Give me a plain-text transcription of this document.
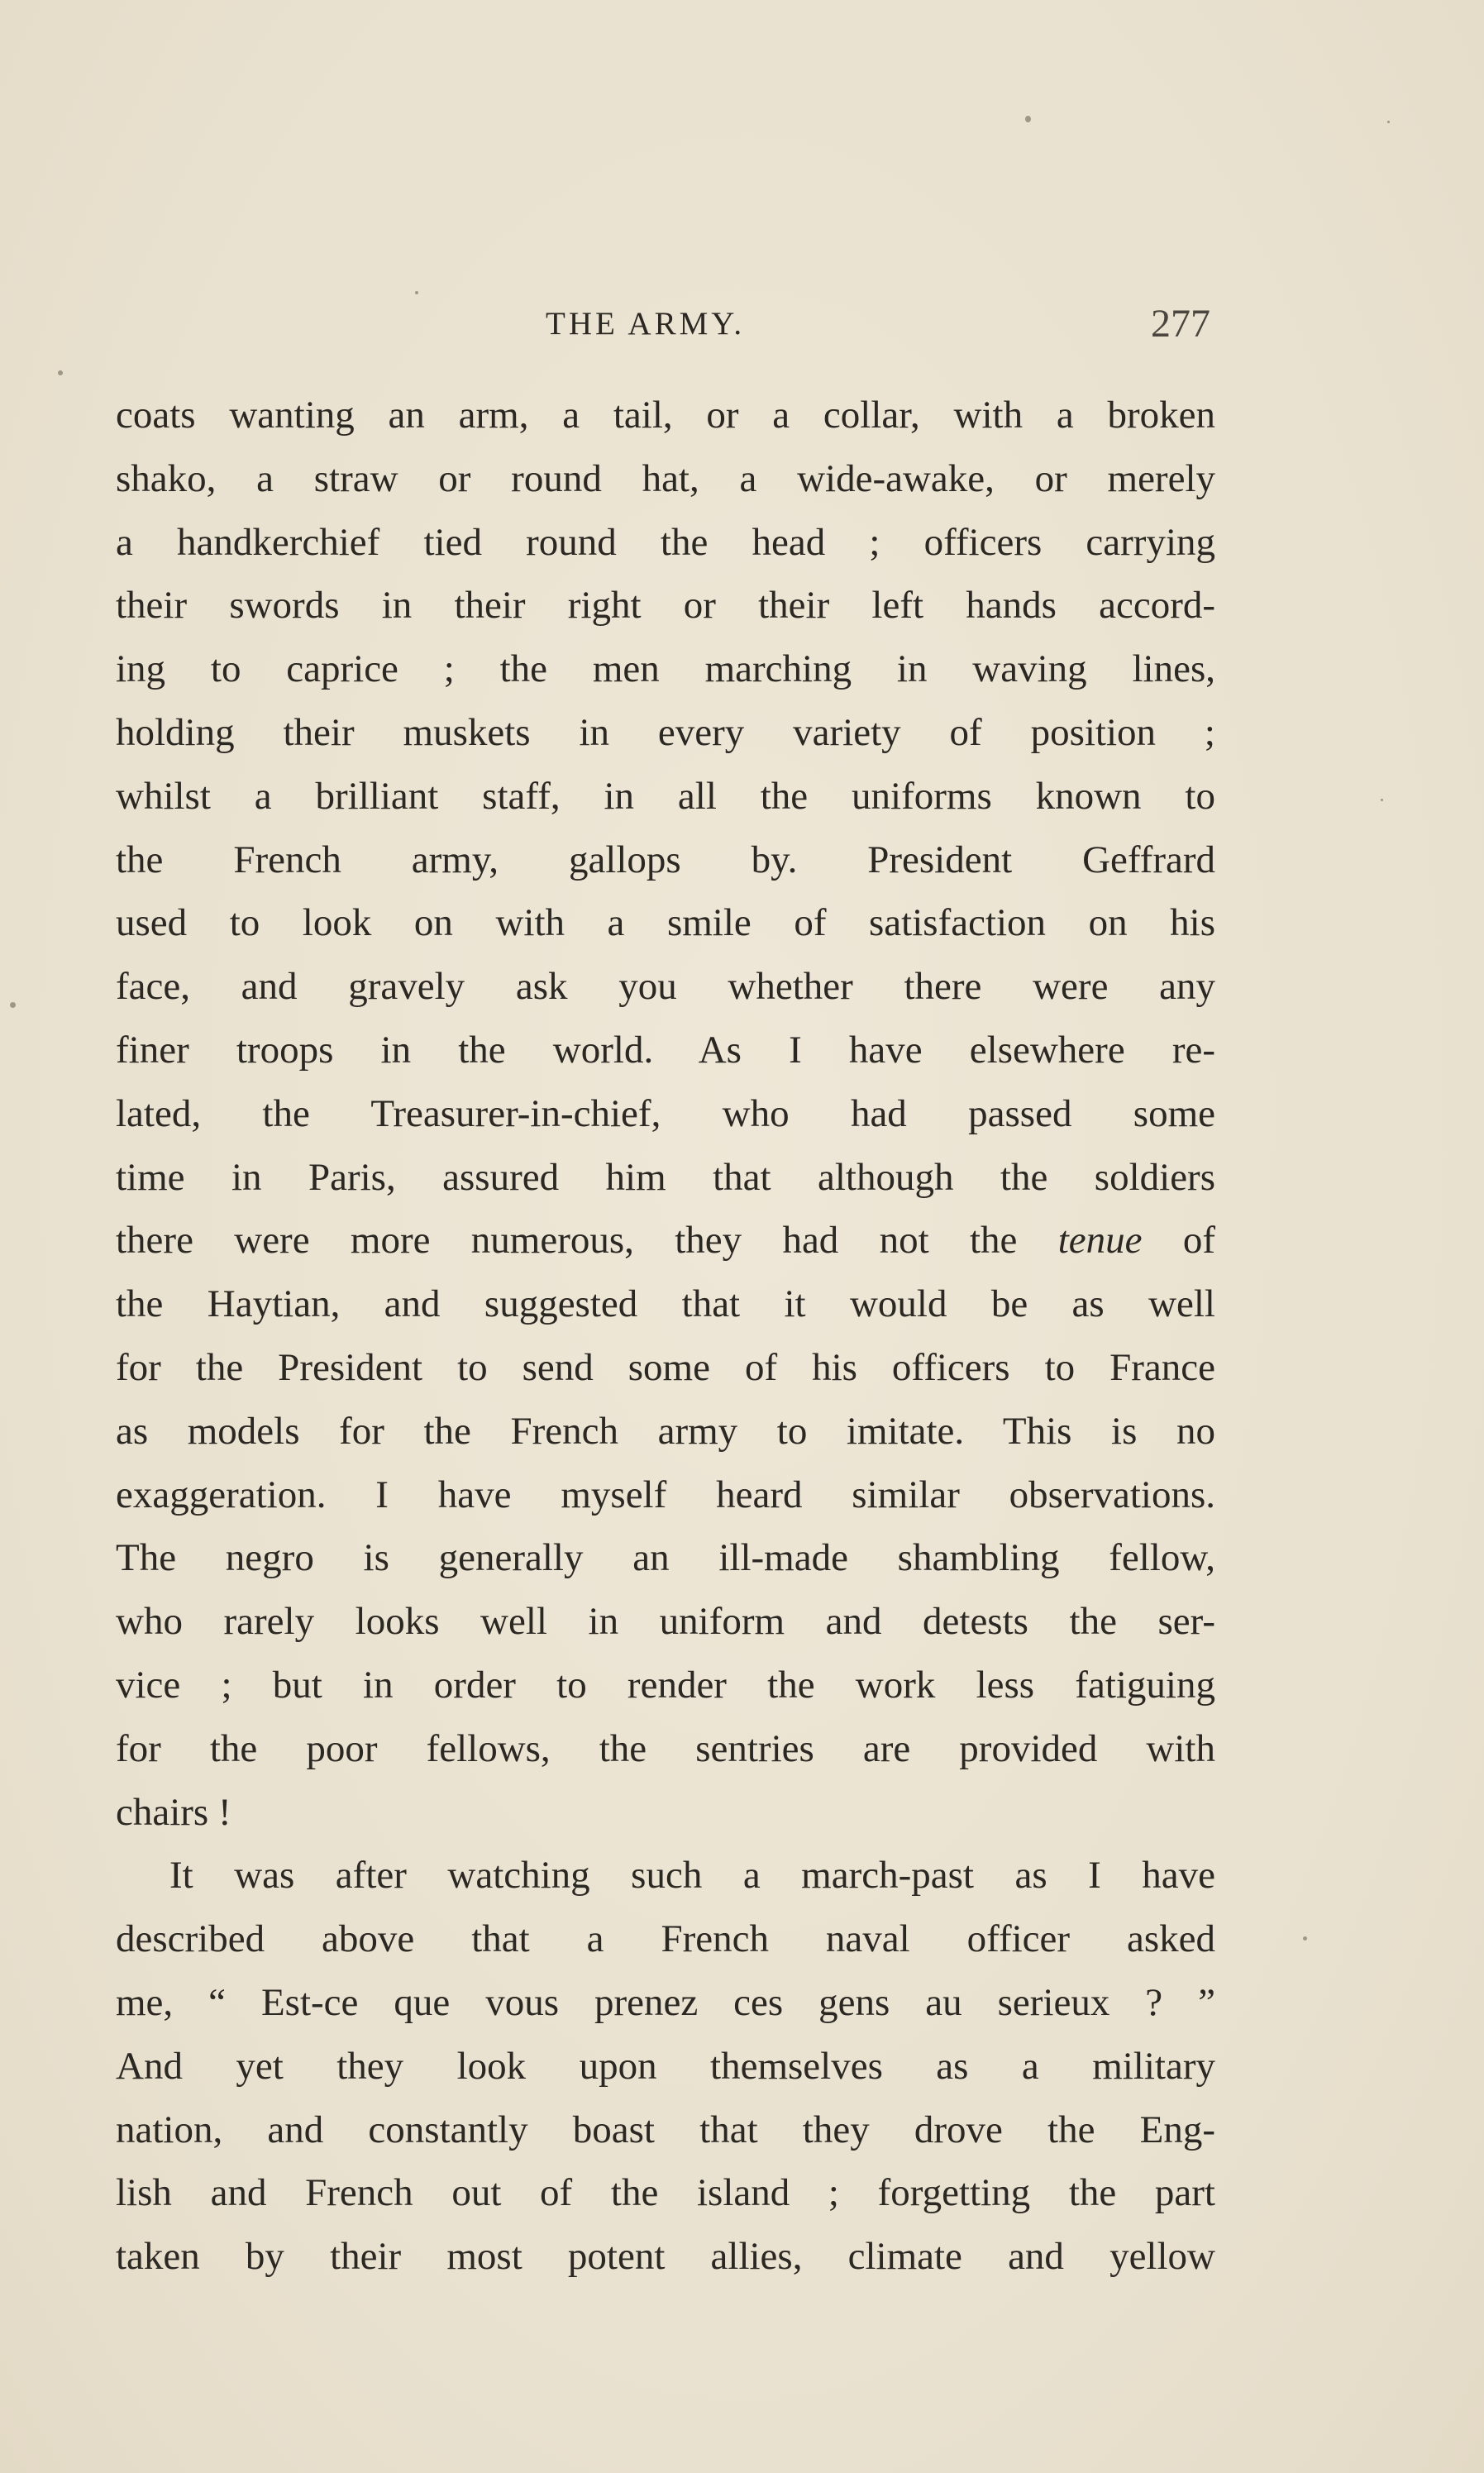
THE ARMY.	277
coats wanting an arm, a tail, or a collar, with a broken
shako, a straw or round hat, a wide-awake, or merely
a handkerchief tied round the head ; officers carrying
their swords in their right or their left hands accord-
ing to caprice ; the men marching in waving lines,
holding their muskets in every variety of position ;
whilst a brilliant staff, in all the uniforms known to
the French army, gallops by. President Geffrard
used to look on with a smile of satisfaction on his
face, and gravely ask you whether there were any
finer troops in the world. As I have elsewhere re-
lated, the Treasurer-in-chief, who had passed some
time in Paris, assured him that although the soldiers
there were more numerous, they had not the tenue of
the Haytian, and suggested that it would be as well
for the President to send some of his officers to France
as models for the French army to imitate. This is no
exaggeration. I have myself heard similar observations.
The negro is generally an ill-made shambling fellow,
who rarely looks well in uniform and detests the ser-
vice ; but in order to render the work less fatiguing
for the poor fellows, the sentries are provided with
chairs !
It was after watching such a march-past as I have
described above that a French naval officer asked
me, “ Est-ce que vous prenez ces gens au serieux ? ”
And yet they look upon themselves as a military
nation, and constantly boast that they drove the Eng-
lish and French out of the island ; forgetting the part
taken by their most potent allies, climate and yellow
